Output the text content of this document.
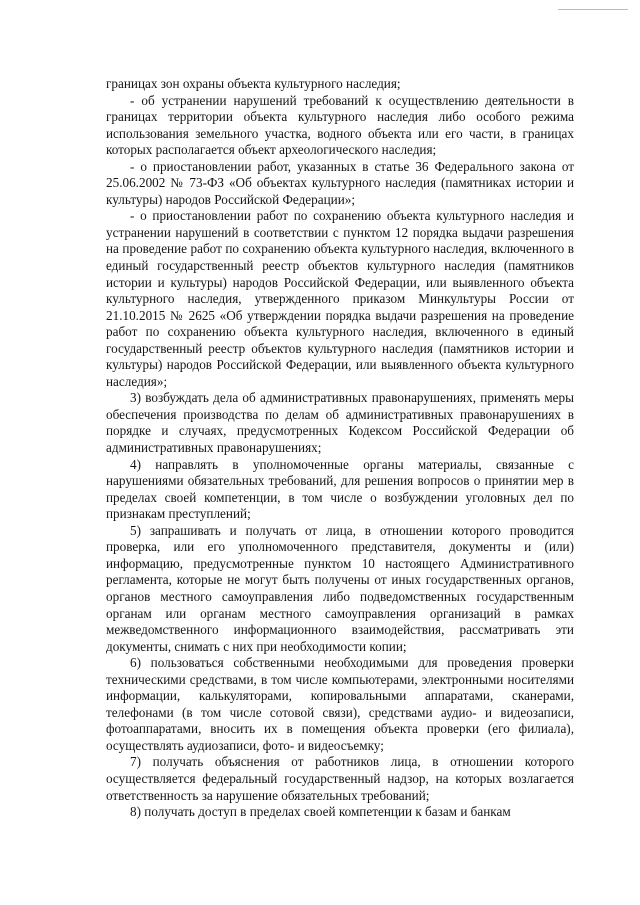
границах зон охраны объекта культурного наследия;

- об устранении нарушений требований к осуществлению деятельности в границах территории объекта культурного наследия либо особого режима использования земельного участка, водного объекта или его части, в границах которых располагается объект археологического наследия;

- о приостановлении работ, указанных в статье 36 Федерального закона от 25.06.2002 № 73-ФЗ «Об объектах культурного наследия (памятниках истории и культуры) народов Российской Федерации»;

- о приостановлении работ по сохранению объекта культурного наследия и устранении нарушений в соответствии с пунктом 12 порядка выдачи разрешения на проведение работ по сохранению объекта культурного наследия, включенного в единый государственный реестр объектов культурного наследия (памятников истории и культуры) народов Российской Федерации, или выявленного объекта культурного наследия, утвержденного приказом Минкультуры России от 21.10.2015 № 2625 «Об утверждении порядка выдачи разрешения на проведение работ по сохранению объекта культурного наследия, включенного в единый государственный реестр объектов культурного наследия (памятников истории и культуры) народов Российской Федерации, или выявленного объекта культурного наследия»;

3) возбуждать дела об административных правонарушениях, применять меры обеспечения производства по делам об административных правонарушениях в порядке и случаях, предусмотренных Кодексом Российской Федерации об административных правонарушениях;

4) направлять в уполномоченные органы материалы, связанные с нарушениями обязательных требований, для решения вопросов о принятии мер в пределах своей компетенции, в том числе о возбуждении уголовных дел по признакам преступлений;

5) запрашивать и получать от лица, в отношении которого проводится проверка, или его уполномоченного представителя, документы и (или) информацию, предусмотренные пунктом 10 настоящего Административного регламента, которые не могут быть получены от иных государственных органов, органов местного самоуправления либо подведомственных государственным органам или органам местного самоуправления организаций в рамках межведомственного информационного взаимодействия, рассматривать эти документы, снимать с них при необходимости копии;

6) пользоваться собственными необходимыми для проведения проверки техническими средствами, в том числе компьютерами, электронными носителями информации, калькуляторами, копировальными аппаратами, сканерами, телефонами (в том числе сотовой связи), средствами аудио- и видеозаписи, фотоаппаратами, вносить их в помещения объекта проверки (его филиала), осуществлять аудиозаписи, фото- и видеосъемку;

7) получать объяснения от работников лица, в отношении которого осуществляется федеральный государственный надзор, на которых возлагается ответственность за нарушение обязательных требований;

8) получать доступ в пределах своей компетенции к базам и банкам
